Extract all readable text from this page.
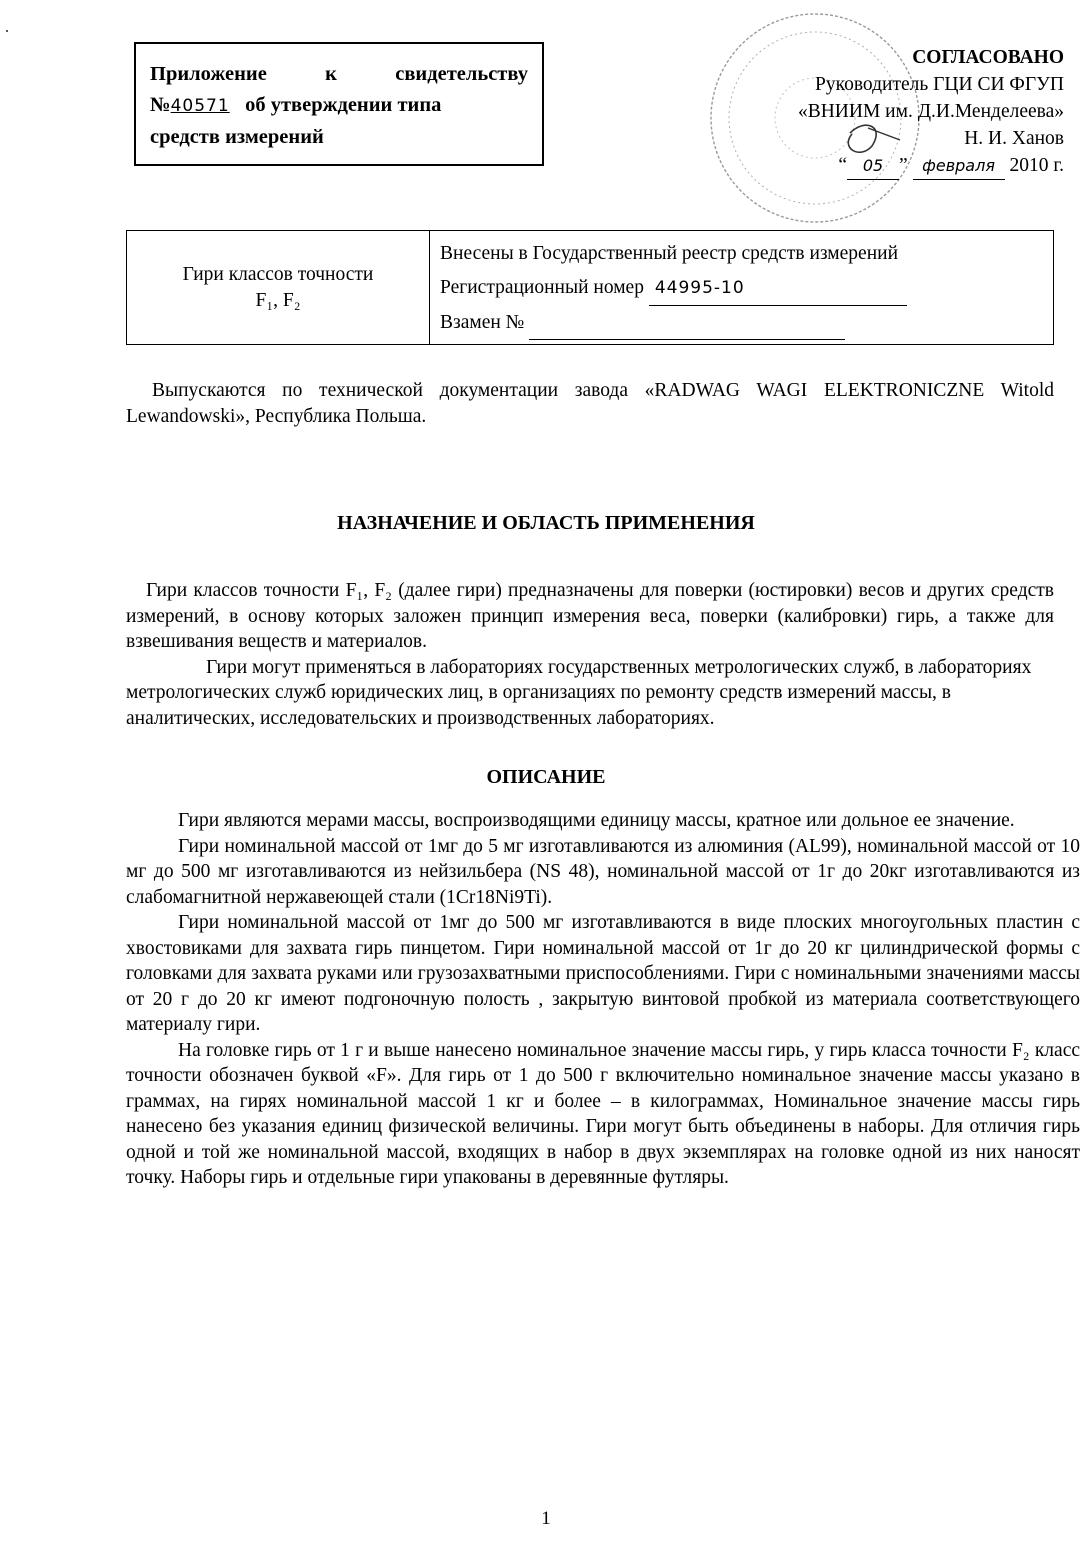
Приложение к свидетельству
№40571 об утверждении типа
средств измерений
СОГЛАСОВАНО
Руководитель ГЦИ СИ ФГУП
«ВНИИМ им. Д.И.Менделеева»
Н. И. Ханов
“ 05 ” февраля 2010 г.
Гири классов точности
F₁, F₂

Внесены в Государственный реестр средств измерений
Регистрационный номер 44995-10
Взамен №
Выпускаются по технической документации завода «RADWAG WAGI ELEKTRONICZNE Witold Lewandowski», Республика Польша.
НАЗНАЧЕНИЕ И ОБЛАСТЬ ПРИМЕНЕНИЯ
Гири классов точности F₁, F₂ (далее гири) предназначены для поверки (юстировки) весов и других средств измерений, в основу которых заложен принцип измерения веса, поверки (калибровки) гирь, а также для взвешивания веществ и материалов.
Гири могут применяться в лабораториях государственных метрологических служб, в лабораториях метрологических служб юридических лиц, в организациях по ремонту средств измерений массы, в аналитических, исследовательских и производственных лабораториях.
ОПИСАНИЕ

Гири являются мерами массы, воспроизводящими единицу массы, кратное или дольное ее значение.

Гири номинальной массой от 1мг до 5 мг изготавливаются из алюминия (AL99), номинальной массой от 10 мг до 500 мг изготавливаются из нейзильбера (NS 48), номинальной массой от 1г до 20кг изготавливаются из слабомагнитной нержавеющей стали (1Cr18Ni9Ti).

Гири номинальной массой от 1мг до 500 мг изготавливаются в виде плоских многоугольных пластин с хвостовиками для захвата гирь пинцетом. Гири номинальной массой от 1г до 20 кг цилиндрической формы с головками для захвата руками или грузозахватными приспособлениями. Гири с номинальными значениями массы от 20 г до 20 кг имеют подгоночную полость , закрытую винтовой пробкой из материала соответствующего материалу гири.

На головке гирь от 1 г и выше нанесено номинальное значение массы гирь, у гирь класса точности F₂ класс точности обозначен буквой «F». Для гирь от 1 до 500 г включительно номинальное значение массы указано в граммах, на гирях номинальной массой 1 кг и более – в килограммах, Номинальное значение массы гирь нанесено без указания единиц физической величины. Гири могут быть объединены в наборы. Для отличия гирь одной и той же номинальной массой, входящих в набор в двух экземплярах на головке одной из них наносят точку. Наборы гирь и отдельные гири упакованы в деревянные футляры.

1
